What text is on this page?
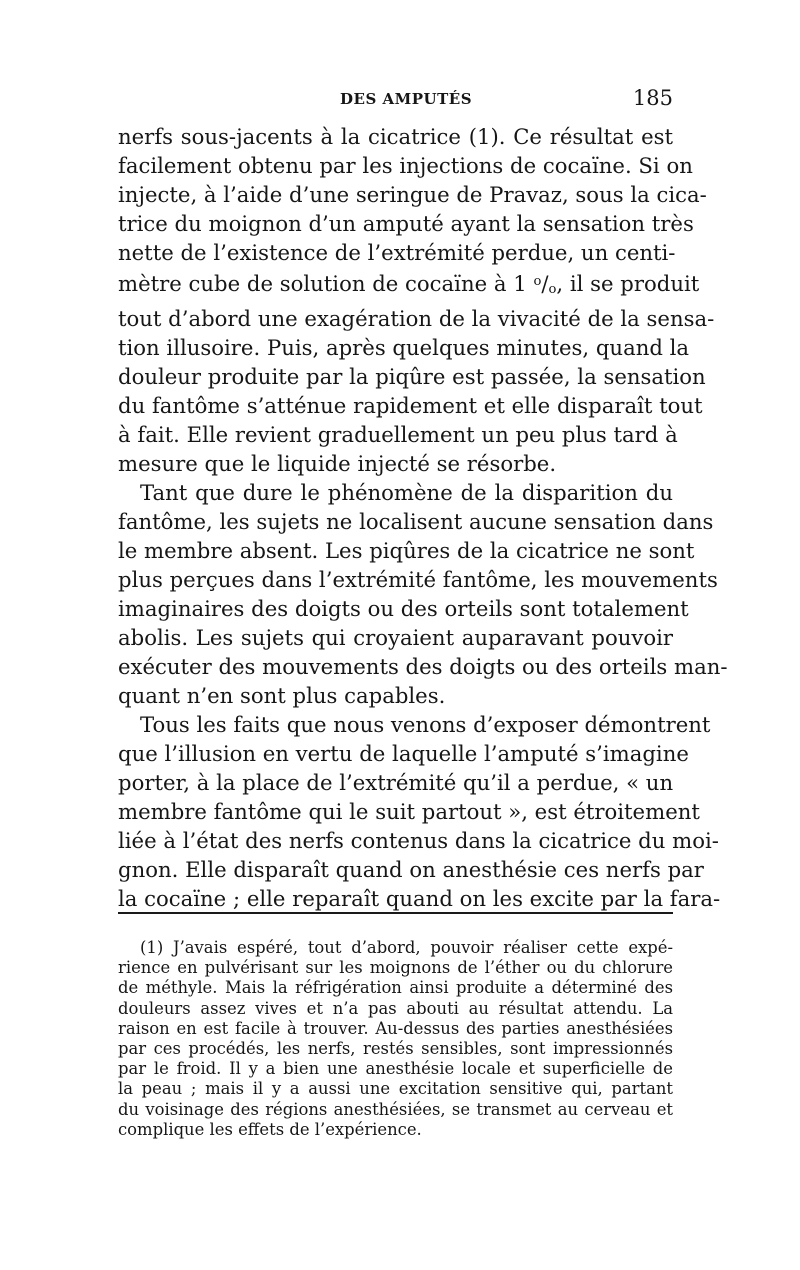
DES AMPUTÉS	185
nerfs sous-jacents à la cicatrice (1). Ce résultat est
facilement obtenu par les injections de cocaïne. Si on
injecte, à l’aide d’une seringue de Pravaz, sous la cica-
trice du moignon d’un amputé ayant la sensation très
nette de l’existence de l’extrémité perdue, un centi-
mètre cube de solution de cocaïne à 1 $^o$/o, il se produit
tout d’abord une exagération de la vivacité de la sensa-
tion illusoire. Puis, après quelques minutes, quand la
douleur produite par la piqûre est passée, la sensation
du fantôme s’atténue rapidement et elle disparaît tout
à fait. Elle revient graduellement un peu plus tard à
mesure que le liquide injecté se résorbe.
Tant que dure le phénomène de la disparition du
fantôme, les sujets ne localisent aucune sensation dans
le membre absent. Les piqûres de la cicatrice ne sont
plus perçues dans l’extrémité fantôme, les mouvements
imaginaires des doigts ou des orteils sont totalement
abolis. Les sujets qui croyaient auparavant pouvoir
exécuter des mouvements des doigts ou des orteils man-
quant n’en sont plus capables.
Tous les faits que nous venons d’exposer démontrent
que l’illusion en vertu de laquelle l’amputé s’imagine
porter, à la place de l’extrémité qu’il a perdue, « un
membre fantôme qui le suit partout », est étroitement
liée à l’état des nerfs contenus dans la cicatrice du moi-
gnon. Elle disparaît quand on anesthésie ces nerfs par
la cocaïne ; elle reparaît quand on les excite par la fara-
(1) J’avais espéré, tout d’abord, pouvoir réaliser cette expé-
rience en pulvérisant sur les moignons de l’éther ou du chlorure
de méthyle. Mais la réfrigération ainsi produite a déterminé des
douleurs assez vives et n’a pas abouti au résultat attendu. La
raison en est facile à trouver. Au-dessus des parties anesthésiées
par ces procédés, les nerfs, restés sensibles, sont impressionnés
par le froid. Il y a bien une anesthésie locale et superficielle de
la peau ; mais il y a aussi une excitation sensitive qui, partant
du voisinage des régions anesthésiées, se transmet au cerveau et
complique les effets de l’expérience.
